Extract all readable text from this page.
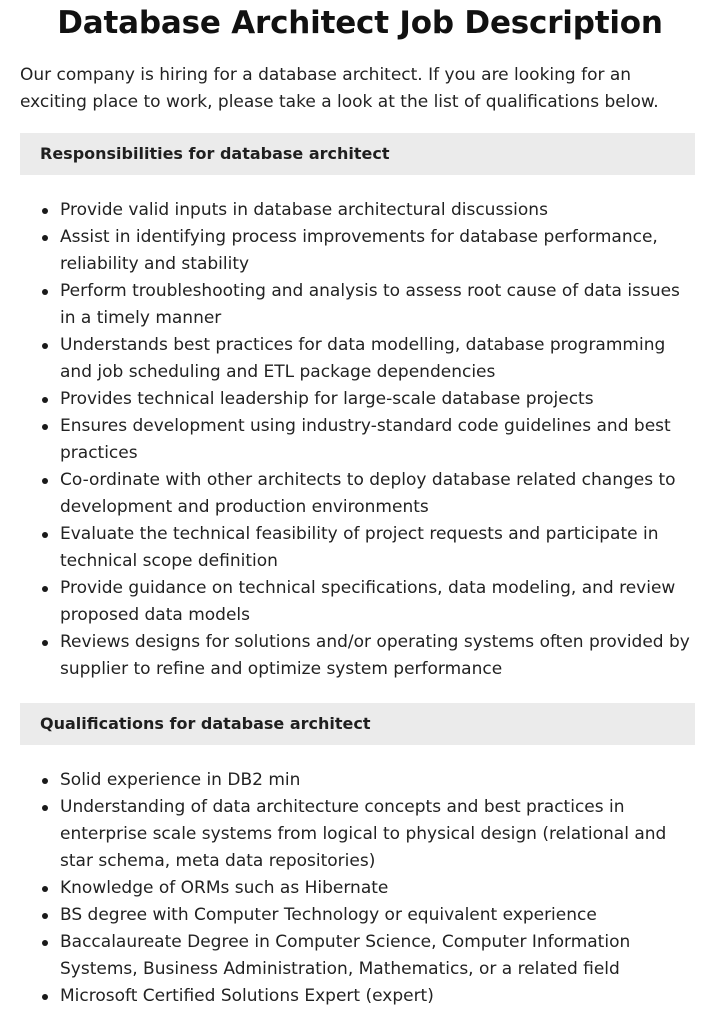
Database Architect Job Description

Our company is hiring for a database architect. If you are looking for an exciting place to work, please take a look at the list of qualifications below.

Responsibilities for database architect
Provide valid inputs in database architectural discussions
Assist in identifying process improvements for database performance, reliability and stability
Perform troubleshooting and analysis to assess root cause of data issues in a timely manner
Understands best practices for data modelling, database programming and job scheduling and ETL package dependencies
Provides technical leadership for large-scale database projects
Ensures development using industry-standard code guidelines and best practices
Co-ordinate with other architects to deploy database related changes to development and production environments
Evaluate the technical feasibility of project requests and participate in technical scope definition
Provide guidance on technical specifications, data modeling, and review proposed data models
Reviews designs for solutions and/or operating systems often provided by supplier to refine and optimize system performance
Qualifications for database architect
Solid experience in DB2 min
Understanding of data architecture concepts and best practices in enterprise scale systems from logical to physical design (relational and star schema, meta data repositories)
Knowledge of ORMs such as Hibernate
BS degree with Computer Technology or equivalent experience
Baccalaureate Degree in Computer Science, Computer Information Systems, Business Administration, Mathematics, or a related field
Microsoft Certified Solutions Expert (expert)
